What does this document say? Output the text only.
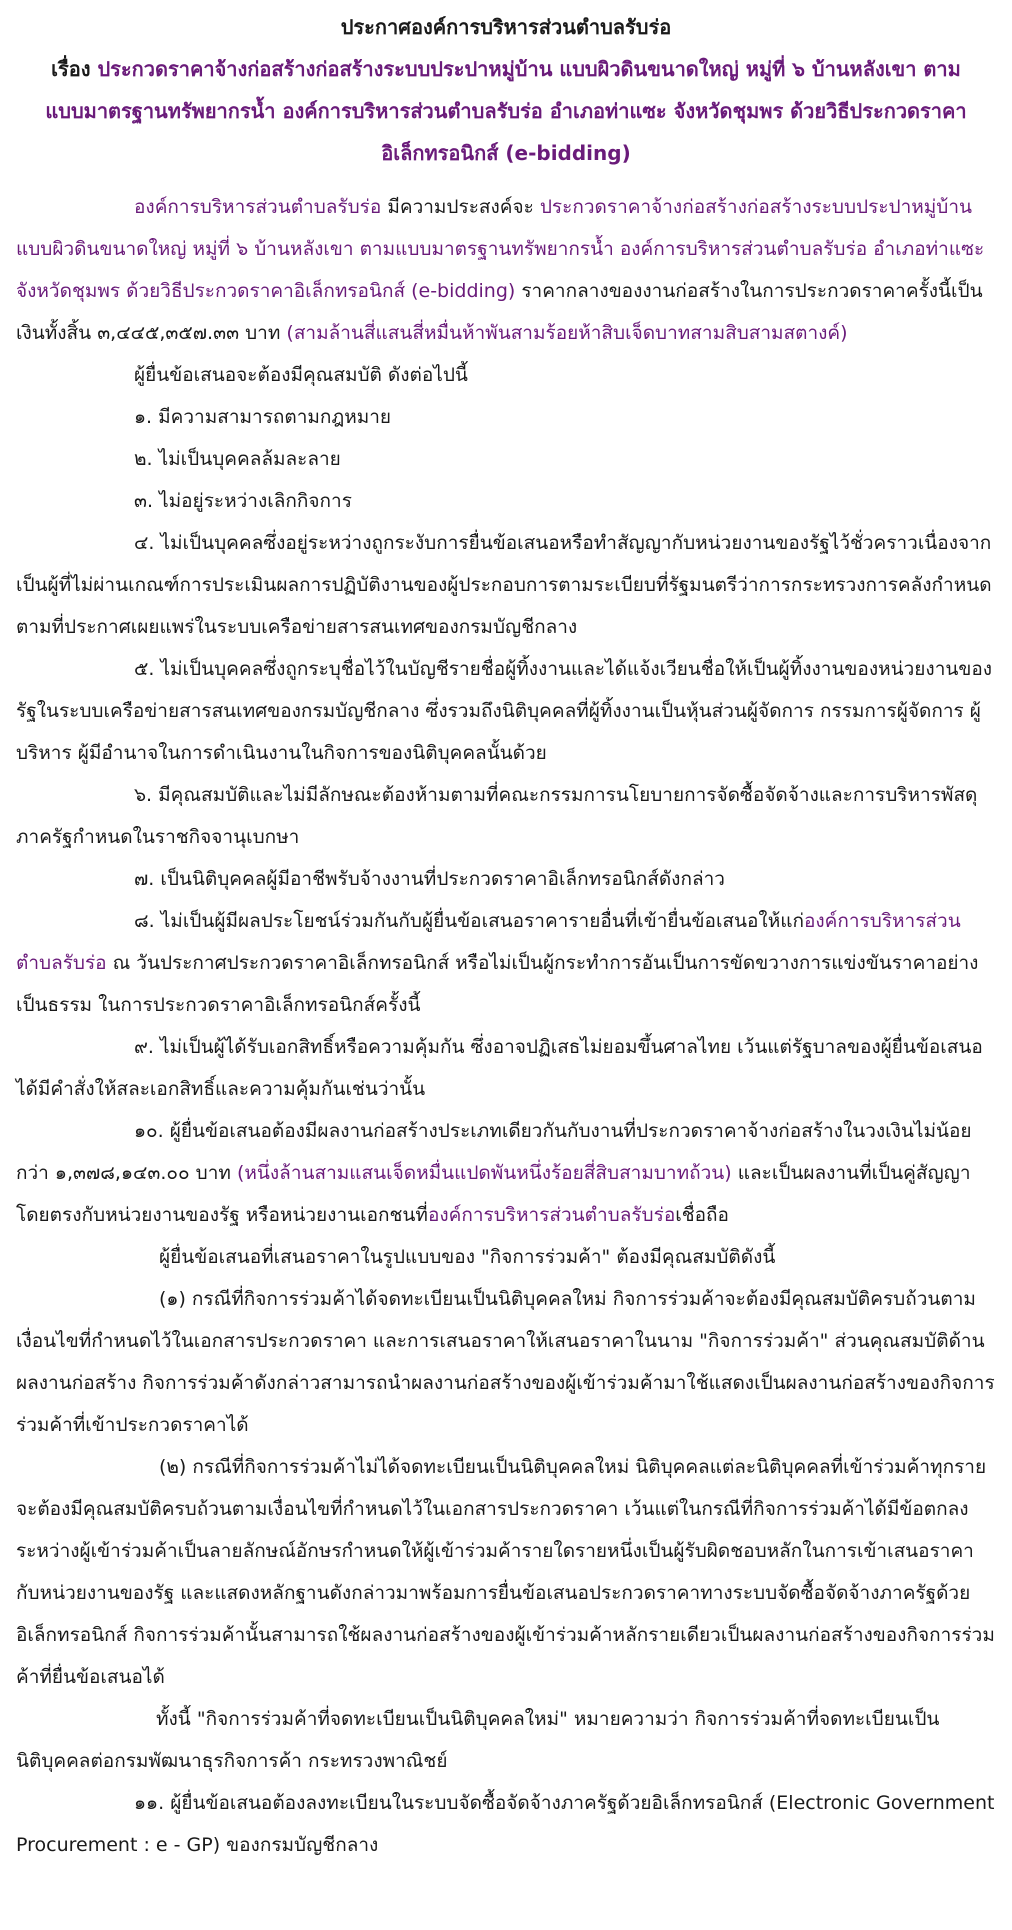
ประกาศองค์การบริหารส่วนตำบลรับร่อ
เรื่อง ประกวดราคาจ้างก่อสร้างก่อสร้างระบบประปาหมู่บ้าน แบบผิวดินขนาดใหญ่ หมู่ที่ ๖ บ้านหลังเขา ตามแบบมาตรฐานทรัพยากรน้ำ องค์การบริหารส่วนตำบลรับร่อ อำเภอท่าแซะ จังหวัดชุมพร ด้วยวิธีประกวดราคาอิเล็กทรอนิกส์ (e-bidding)

องค์การบริหารส่วนตำบลรับร่อ มีความประสงค์จะ ประกวดราคาจ้างก่อสร้างก่อสร้างระบบประปาหมู่บ้าน แบบผิวดินขนาดใหญ่ หมู่ที่ ๖ บ้านหลังเขา ตามแบบมาตรฐานทรัพยากรน้ำ องค์การบริหารส่วนตำบลรับร่อ อำเภอท่าแซะ จังหวัดชุมพร ด้วยวิธีประกวดราคาอิเล็กทรอนิกส์ (e-bidding) ราคากลางของงานก่อสร้างในการประกวดราคาครั้งนี้เป็นเงินทั้งสิ้น ๓,๔๔๕,๓๕๗.๓๓ บาท (สามล้านสี่แสนสี่หมื่นห้าพันสามร้อยห้าสิบเจ็ดบาทสามสิบสามสตางค์)

ผู้ยื่นข้อเสนอจะต้องมีคุณสมบัติ ดังต่อไปนี้

๑. มีความสามารถตามกฎหมาย

๒. ไม่เป็นบุคคลล้มละลาย

๓. ไม่อยู่ระหว่างเลิกกิจการ

๔. ไม่เป็นบุคคลซึ่งอยู่ระหว่างถูกระงับการยื่นข้อเสนอหรือทำสัญญากับหน่วยงานของรัฐไว้ชั่วคราวเนื่องจากเป็นผู้ที่ไม่ผ่านเกณฑ์การประเมินผลการปฏิบัติงานของผู้ประกอบการตามระเบียบที่รัฐมนตรีว่าการกระทรวงการคลังกำหนดตามที่ประกาศเผยแพร่ในระบบเครือข่ายสารสนเทศของกรมบัญชีกลาง

๕. ไม่เป็นบุคคลซึ่งถูกระบุชื่อไว้ในบัญชีรายชื่อผู้ทิ้งงานและได้แจ้งเวียนชื่อให้เป็นผู้ทิ้งงานของหน่วยงานของรัฐในระบบเครือข่ายสารสนเทศของกรมบัญชีกลาง ซึ่งรวมถึงนิติบุคคลที่ผู้ทิ้งงานเป็นหุ้นส่วนผู้จัดการ กรรมการผู้จัดการ ผู้บริหาร ผู้มีอำนาจในการดำเนินงานในกิจการของนิติบุคคลนั้นด้วย

๖. มีคุณสมบัติและไม่มีลักษณะต้องห้ามตามที่คณะกรรมการนโยบายการจัดซื้อจัดจ้างและการบริหารพัสดุภาครัฐกำหนดในราชกิจจานุเบกษา

๗. เป็นนิติบุคคลผู้มีอาชีพรับจ้างงานที่ประกวดราคาอิเล็กทรอนิกส์ดังกล่าว

๘. ไม่เป็นผู้มีผลประโยชน์ร่วมกันกับผู้ยื่นข้อเสนอราคารายอื่นที่เข้ายื่นข้อเสนอให้แก่องค์การบริหารส่วนตำบลรับร่อ ณ วันประกาศประกวดราคาอิเล็กทรอนิกส์ หรือไม่เป็นผู้กระทำการอันเป็นการขัดขวางการแข่งขันราคาอย่างเป็นธรรม ในการประกวดราคาอิเล็กทรอนิกส์ครั้งนี้

๙. ไม่เป็นผู้ได้รับเอกสิทธิ์หรือความคุ้มกัน ซึ่งอาจปฏิเสธไม่ยอมขึ้นศาลไทย เว้นแต่รัฐบาลของผู้ยื่นข้อเสนอได้มีคำสั่งให้สละเอกสิทธิ์และความคุ้มกันเช่นว่านั้น

๑๐. ผู้ยื่นข้อเสนอต้องมีผลงานก่อสร้างประเภทเดียวกันกับงานที่ประกวดราคาจ้างก่อสร้างในวงเงินไม่น้อยกว่า ๑,๓๗๘,๑๔๓.๐๐ บาท (หนึ่งล้านสามแสนเจ็ดหมื่นแปดพันหนึ่งร้อยสี่สิบสามบาทถ้วน) และเป็นผลงานที่เป็นคู่สัญญาโดยตรงกับหน่วยงานของรัฐ หรือหน่วยงานเอกชนที่องค์การบริหารส่วนตำบลรับร่อเชื่อถือ

ผู้ยื่นข้อเสนอที่เสนอราคาในรูปแบบของ "กิจการร่วมค้า" ต้องมีคุณสมบัติดังนี้

(๑) กรณีที่กิจการร่วมค้าได้จดทะเบียนเป็นนิติบุคคลใหม่ กิจการร่วมค้าจะต้องมีคุณสมบัติครบถ้วนตามเงื่อนไขที่กำหนดไว้ในเอกสารประกวดราคา และการเสนอราคาให้เสนอราคาในนาม "กิจการร่วมค้า" ส่วนคุณสมบัติด้านผลงานก่อสร้าง กิจการร่วมค้าดังกล่าวสามารถนำผลงานก่อสร้างของผู้เข้าร่วมค้ามาใช้แสดงเป็นผลงานก่อสร้างของกิจการร่วมค้าที่เข้าประกวดราคาได้

(๒) กรณีที่กิจการร่วมค้าไม่ได้จดทะเบียนเป็นนิติบุคคลใหม่ นิติบุคคลแต่ละนิติบุคคลที่เข้าร่วมค้าทุกรายจะต้องมีคุณสมบัติครบถ้วนตามเงื่อนไขที่กำหนดไว้ในเอกสารประกวดราคา เว้นแต่ในกรณีที่กิจการร่วมค้าได้มีข้อตกลงระหว่างผู้เข้าร่วมค้าเป็นลายลักษณ์อักษรกำหนดให้ผู้เข้าร่วมค้ารายใดรายหนึ่งเป็นผู้รับผิดชอบหลักในการเข้าเสนอราคากับหน่วยงานของรัฐ และแสดงหลักฐานดังกล่าวมาพร้อมการยื่นข้อเสนอประกวดราคาทางระบบจัดซื้อจัดจ้างภาครัฐด้วยอิเล็กทรอนิกส์ กิจการร่วมค้านั้นสามารถใช้ผลงานก่อสร้างของผู้เข้าร่วมค้าหลักรายเดียวเป็นผลงานก่อสร้างของกิจการร่วมค้าที่ยื่นข้อเสนอได้

ทั้งนี้ "กิจการร่วมค้าที่จดทะเบียนเป็นนิติบุคคลใหม่" หมายความว่า กิจการร่วมค้าที่จดทะเบียนเป็นนิติบุคคลต่อกรมพัฒนาธุรกิจการค้า กระทรวงพาณิชย์

๑๑. ผู้ยื่นข้อเสนอต้องลงทะเบียนในระบบจัดซื้อจัดจ้างภาครัฐด้วยอิเล็กทรอนิกส์ (Electronic Government Procurement : e - GP) ของกรมบัญชีกลาง
